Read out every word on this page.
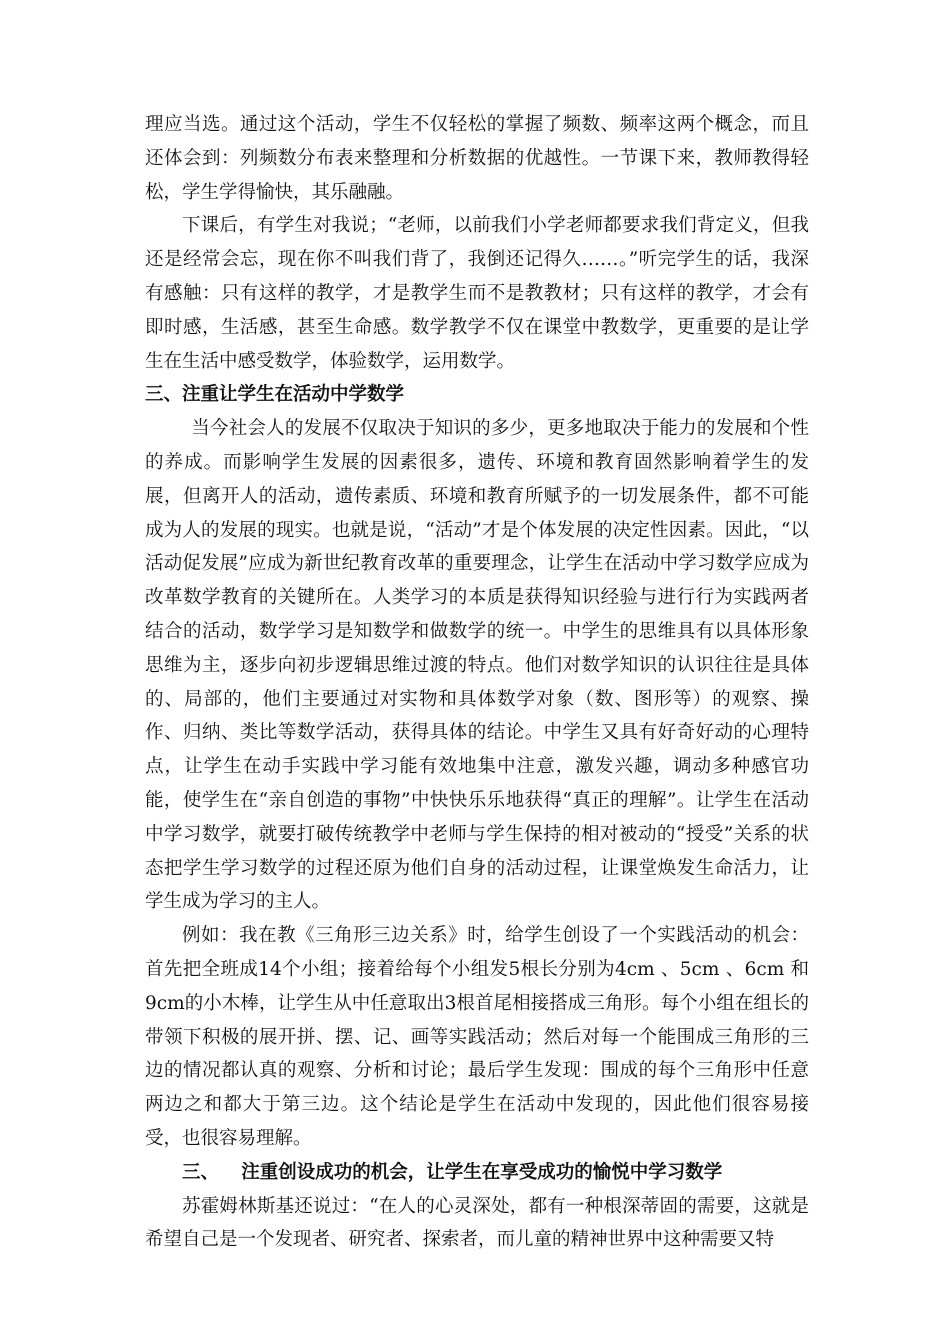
理应当选。通过这个活动，学生不仅轻松的掌握了频数、频率这两个概念，而且还体会到：列频数分布表来整理和分析数据的优越性。一节课下来，教师教得轻松，学生学得愉快，其乐融融。

下课后，有学生对我说；“老师，以前我们小学老师都要求我们背定义，但我还是经常会忘，现在你不叫我们背了，我倒还记得久……。”听完学生的话，我深有感触：只有这样的教学，才是教学生而不是教教材；只有这样的教学，才会有即时感，生活感，甚至生命感。数学教学不仅在课堂中教数学，更重要的是让学生在生活中感受数学，体验数学，运用数学。

三、注重让学生在活动中学数学

当今社会人的发展不仅取决于知识的多少，更多地取决于能力的发展和个性的养成。而影响学生发展的因素很多，遗传、环境和教育固然影响着学生的发展，但离开人的活动，遗传素质、环境和教育所赋予的一切发展条件，都不可能成为人的发展的现实。也就是说，“活动”才是个体发展的决定性因素。因此，“以活动促发展”应成为新世纪教育改革的重要理念，让学生在活动中学习数学应成为改革数学教育的关键所在。人类学习的本质是获得知识经验与进行行为实践两者结合的活动，数学学习是知数学和做数学的统一。中学生的思维具有以具体形象思维为主，逐步向初步逻辑思维过渡的特点。他们对数学知识的认识往往是具体的、局部的，他们主要通过对实物和具体数学对象（数、图形等）的观察、操作、归纳、类比等数学活动，获得具体的结论。中学生又具有好奇好动的心理特点，让学生在动手实践中学习能有效地集中注意，激发兴趣，调动多种感官功能，使学生在“亲自创造的事物”中快快乐乐地获得“真正的理解”。让学生在活动中学习数学，就要打破传统教学中老师与学生保持的相对被动的“授受”关系的状态把学生学习数学的过程还原为他们自身的活动过程，让课堂焕发生命活力，让学生成为学习的主人。

例如：我在教《三角形三边关系》时，给学生创设了一个实践活动的机会：首先把全班成14个小组；接着给每个小组发5根长分别为4cm 、5cm 、6cm 和9cm的小木棒，让学生从中任意取出3根首尾相接搭成三角形。每个小组在组长的带领下积极的展开拼、摆、记、画等实践活动；然后对每一个能围成三角形的三边的情况都认真的观察、分析和讨论；最后学生发现：围成的每个三角形中任意两边之和都大于第三边。这个结论是学生在活动中发现的，因此他们很容易接受，也很容易理解。

三、 注重创设成功的机会，让学生在享受成功的愉悦中学习数学

苏霍姆林斯基还说过：“在人的心灵深处，都有一种根深蒂固的需要，这就是希望自己是一个发现者、研究者、探索者，而儿童的精神世界中这种需要又特
